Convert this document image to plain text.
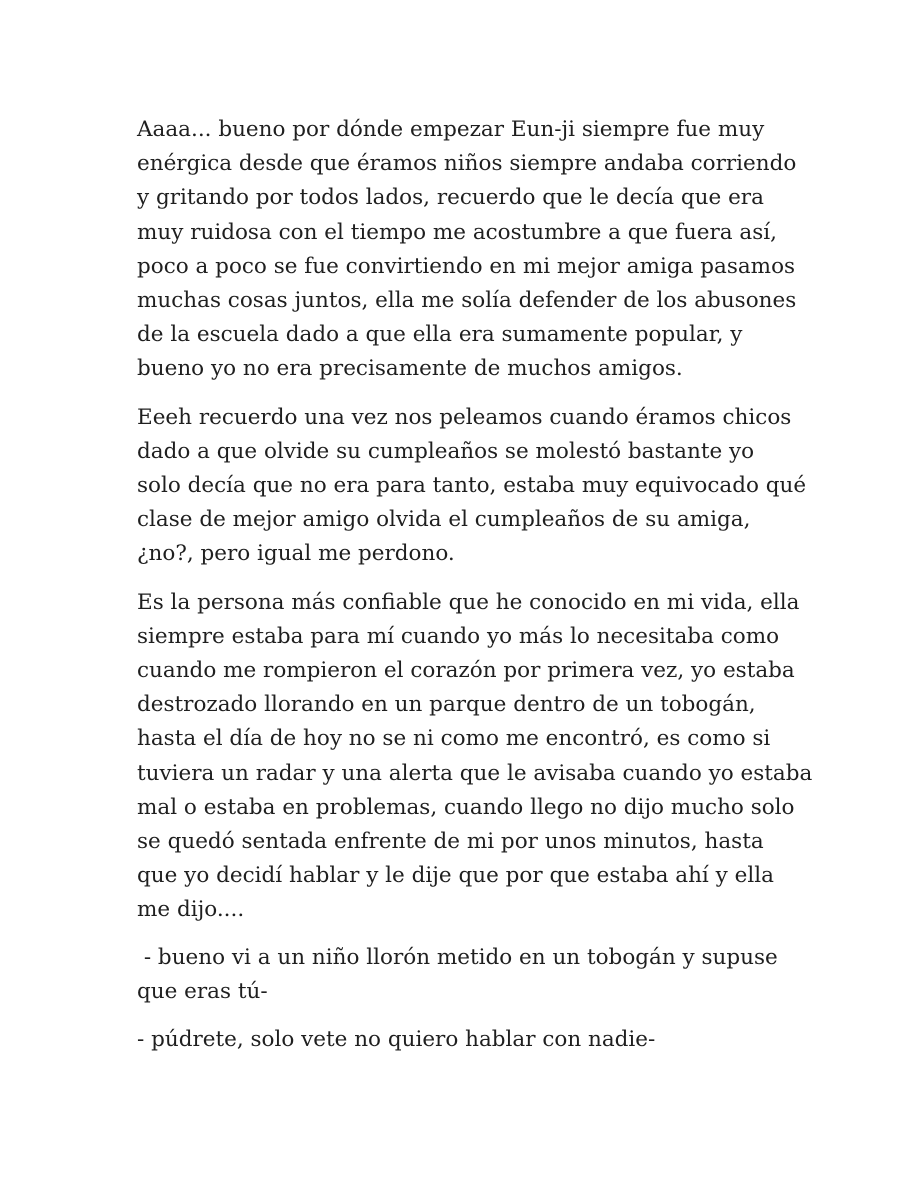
Aaaa... bueno por dónde empezar Eun-ji siempre fue muy
enérgica desde que éramos niños siempre andaba corriendo
y gritando por todos lados, recuerdo que le decía que era
muy ruidosa con el tiempo me acostumbre a que fuera así,
poco a poco se fue convirtiendo en mi mejor amiga pasamos
muchas cosas juntos, ella me solía defender de los abusones
de la escuela dado a que ella era sumamente popular, y
bueno yo no era precisamente de muchos amigos.

Eeeh recuerdo una vez nos peleamos cuando éramos chicos
dado a que olvide su cumpleaños se molestó bastante yo
solo decía que no era para tanto, estaba muy equivocado qué
clase de mejor amigo olvida el cumpleaños de su amiga,
¿no?, pero igual me perdono.

Es la persona más confiable que he conocido en mi vida, ella
siempre estaba para mí cuando yo más lo necesitaba como
cuando me rompieron el corazón por primera vez, yo estaba
destrozado llorando en un parque dentro de un tobogán,
hasta el día de hoy no se ni como me encontró, es como si
tuviera un radar y una alerta que le avisaba cuando yo estaba
mal o estaba en problemas, cuando llego no dijo mucho solo
se quedó sentada enfrente de mi por unos minutos, hasta
que yo decidí hablar y le dije que por que estaba ahí y ella
me dijo....

- bueno vi a un niño llorón metido en un tobogán y supuse
que eras tú-

- púdrete, solo vete no quiero hablar con nadie-
